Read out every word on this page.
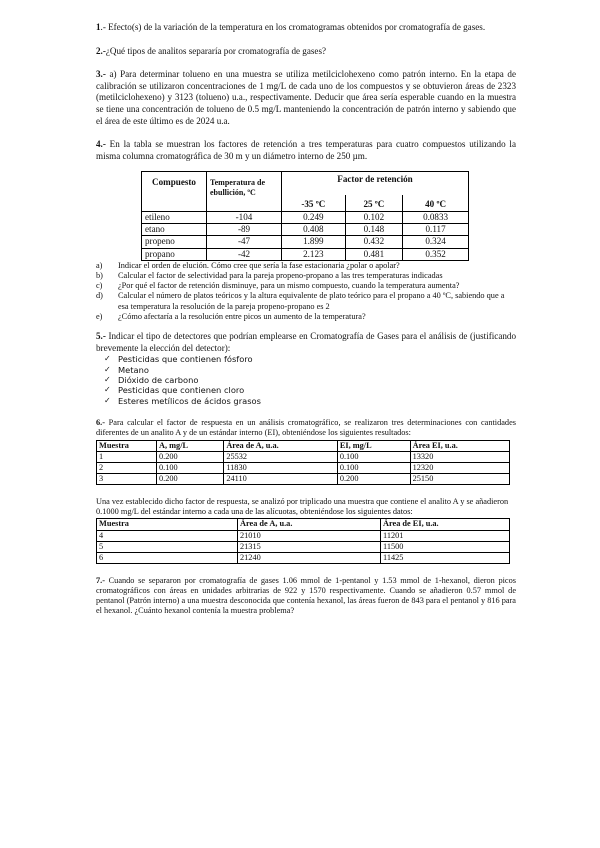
1.- Efecto(s) de la variación de la temperatura en los cromatogramas obtenidos por cromatografía de gases.

2.-¿Qué tipos de analitos separaría por cromatografía de gases?

3.- a) Para determinar tolueno en una muestra se utiliza metilciclohexeno como patrón interno. En la etapa de calibración se utilizaron concentraciones de 1 mg/L de cada uno de los compuestos y se obtuvieron áreas de 2323 (metilciclohexeno) y 3123 (tolueno) u.a., respectivamente. Deducir que área sería esperable cuando en la muestra se tiene una concentración de tolueno de 0.5 mg/L manteniendo la concentración de patrón interno y sabiendo que el área de este último es de 2024 u.a.

4.- En la tabla se muestran los factores de retención a tres temperaturas para cuatro compuestos utilizando la misma columna cromatográfica de 30 m y un diámetro interno de 250 µm.

Compuesto	Temperatura de ebullición, ºC	Factor de retención		
		-35 ºC	25 ºC	40 ºC
etileno	-104	0.249	0.102	0.0833
etano	-89	0.408	0.148	0.117
propeno	-47	1.899	0.432	0.324
propano	-42	2.123	0.481	0.352
a) Indicar el orden de elución. Cómo cree que sería la fase estacionaria ¿polar o apolar?
b) Calcular el factor de selectividad para la pareja propeno-propano a las tres temperaturas indicadas
c) ¿Por qué el factor de retención disminuye, para un mismo compuesto, cuando la temperatura aumenta?
d) Calcular el número de platos teóricos y la altura equivalente de plato teórico para el propano a 40 ºC, sabiendo que a esa temperatura la resolución de la pareja propeno-propano es 2
e) ¿Cómo afectaría a la resolución entre picos un aumento de la temperatura?

5.- Indicar el tipo de detectores que podrían emplearse en Cromatografía de Gases para el análisis de (justificando brevemente la elección del detector):

✓ Pesticidas que contienen fósforo
✓ Metano
✓ Dióxido de carbono
✓ Pesticidas que contienen cloro
✓ Esteres metílicos de ácidos grasos

6.- Para calcular el factor de respuesta en un análisis cromatográfico, se realizaron tres determinaciones con cantidades diferentes de un analito A y de un estándar interno (EI), obteniéndose los siguientes resultados:

Muestra	A, mg/L	Área de A, u.a.	EI, mg/L	Área EI, u.a.
1	0.200	25532	0.100	13320
2	0.100	11830	0.100	12320
3	0.200	24110	0.200	25150

Una vez establecido dicho factor de respuesta, se analizó por triplicado una muestra que contiene el analito A y se añadieron 0.1000 mg/L del estándar interno a cada una de las alícuotas, obteniéndose los siguientes datos:

Muestra	Área de A, u.a.	Área de EI, u.a.
4	21010	11201
5	21315	11500
6	21240	11425

7.- Cuando se separaron por cromatografía de gases 1.06 mmol de 1-pentanol y 1.53 mmol de 1-hexanol, dieron picos cromatográficos con áreas en unidades arbitrarias de 922 y 1570 respectivamente. Cuando se añadieron 0.57 mmol de pentanol (Patrón interno) a una muestra desconocida que contenía hexanol, las áreas fueron de 843 para el pentanol y 816 para el hexanol. ¿Cuánto hexanol contenía la muestra problema?
